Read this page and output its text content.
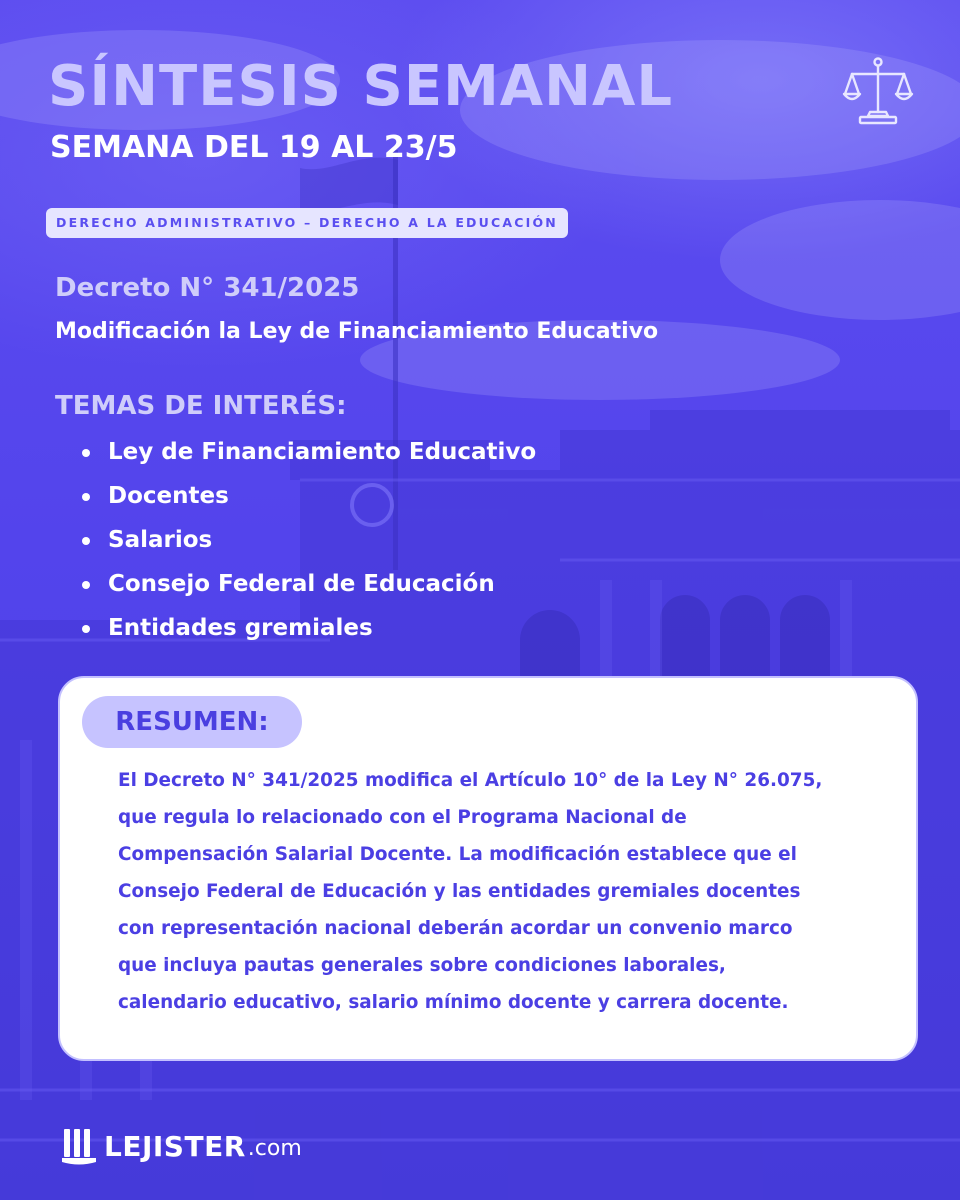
SÍNTESIS SEMANAL
SEMANA DEL 19 AL 23/5
DERECHO ADMINISTRATIVO – DERECHO A LA EDUCACIÓN
Decreto N° 341/2025

Modificación la Ley de Financiamiento Educativo

TEMAS DE INTERÉS:
Ley de Financiamiento Educativo
Docentes
Salarios
Consejo Federal de Educación
Entidades gremiales
RESUMEN:

El Decreto N° 341/2025 modifica el Artículo 10° de la Ley N° 26.075,
que regula lo relacionado con el Programa Nacional de
Compensación Salarial Docente. La modificación establece que el
Consejo Federal de Educación y las entidades gremiales docentes
con representación nacional deberán acordar un convenio marco
que incluya pautas generales sobre condiciones laborales,
calendario educativo, salario mínimo docente y carrera docente.

LEJISTER .com
